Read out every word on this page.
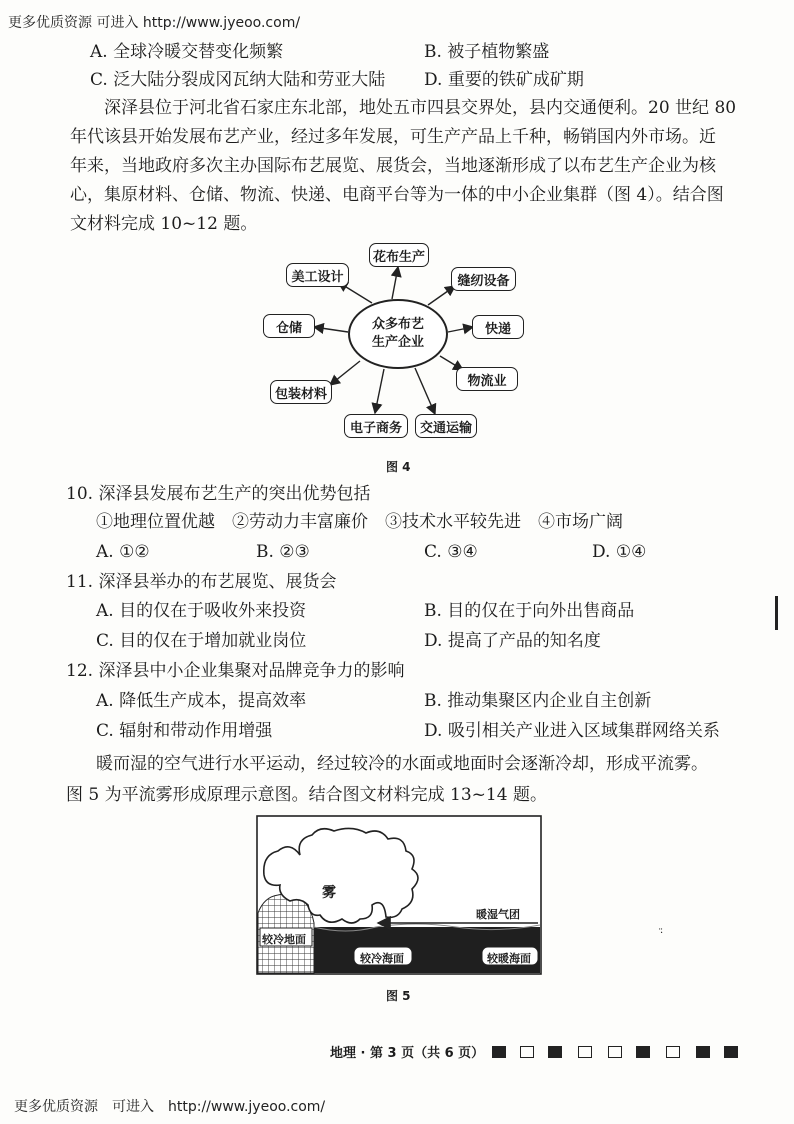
更多优质资源 可进入 http://www.jyeoo.com/
A. 全球冷暖交替变化频繁	B. 被子植物繁盛
C. 泛大陆分裂成冈瓦纳大陆和劳亚大陆 D. 重要的铁矿成矿期
深泽县位于河北省石家庄东北部，地处五市四县交界处，县内交通便利。20 世纪 80
年代该县开始发展布艺产业，经过多年发展，可生产产品上千种，畅销国内外市场。近
年来，当地政府多次主办国际布艺展览、展货会，当地逐渐形成了以布艺生产企业为核
心，集原材料、仓储、物流、快递、电商平台等为一体的中小企业集群（图 4）。结合图
文材料完成 10~12 题。
花布生产
美工设计	缝纫设备
仓储	快递
物流业
包装材料
电子商务	交通运输
众多布艺
生产企业
图 4
10. 深泽县发展布艺生产的突出优势包括
①地理位置优越　②劳动力丰富廉价　③技术水平较先进　④市场广阔
A. ①②	B. ②③	C. ③④	D. ①④
11. 深泽县举办的布艺展览、展货会
A. 目的仅在于吸收外来投资	B. 目的仅在于向外出售商品
C. 目的仅在于增加就业岗位	D. 提高了产品的知名度
12. 深泽县中小企业集聚对品牌竞争力的影响
A. 降低生产成本，提高效率	B. 推动集聚区内企业自主创新
C. 辐射和带动作用增强	D. 吸引相关产业进入区域集群网络关系
暖而湿的空气进行水平运动，经过较冷的水面或地面时会逐渐冷却，形成平流雾。
图 5 为平流雾形成原理示意图。结合图文材料完成 13~14 题。
雾
暖湿气团
较冷地面
较冷海面	较暖海面
图 5
·̈
地理 · 第 3 页（共 6 页）
更多优质资源　可进入　http://www.jyeoo.com/
